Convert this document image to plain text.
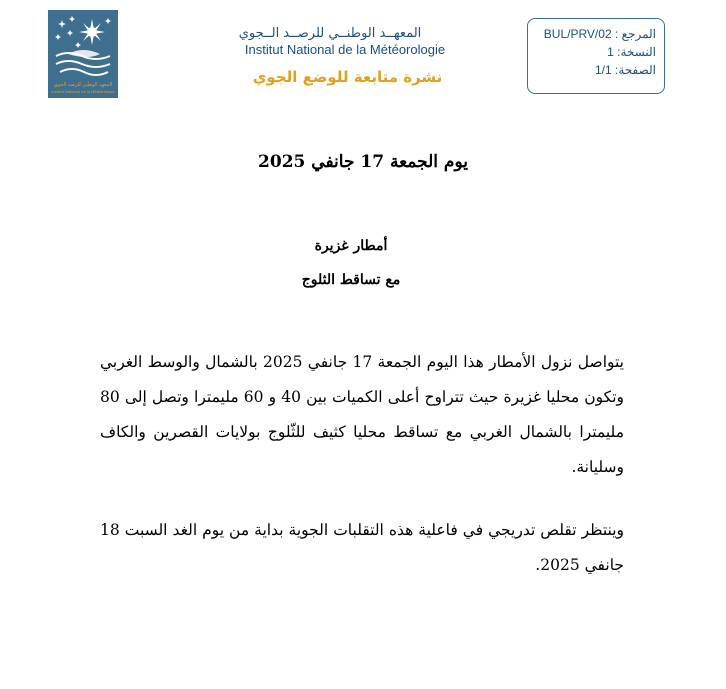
المعهد الوطني للرصد الجوي
Institut National de la Météorologie
المعهــد الوطنــي للرصــد الــجوي
Institut National de la Météorologie
نشرة متابعة للوضع الجوي
المرجع : BUL/PRV/02
النسخة: 1
الصفحة: 1/1
يوم الجمعة 17 جانفي 2025
أمطار غزيرة
مع تساقط الثلوج
يتواصل نزول الأمطار هذا اليوم الجمعة 17 جانفي 2025 بالشمال والوسط الغربي وتكون محليا غزيرة حيث تتراوح أعلى الكميات بين 40 و 60 مليمترا وتصل إلى 80 مليمترا بالشمال الغربي مع تساقط محليا كثيف للثّلوج بولايات القصرين والكاف وسليانة.
وينتظر تقلص تدريجي في فاعلية هذه التقلبات الجوية بداية من يوم الغد السبت 18 جانفي 2025.
